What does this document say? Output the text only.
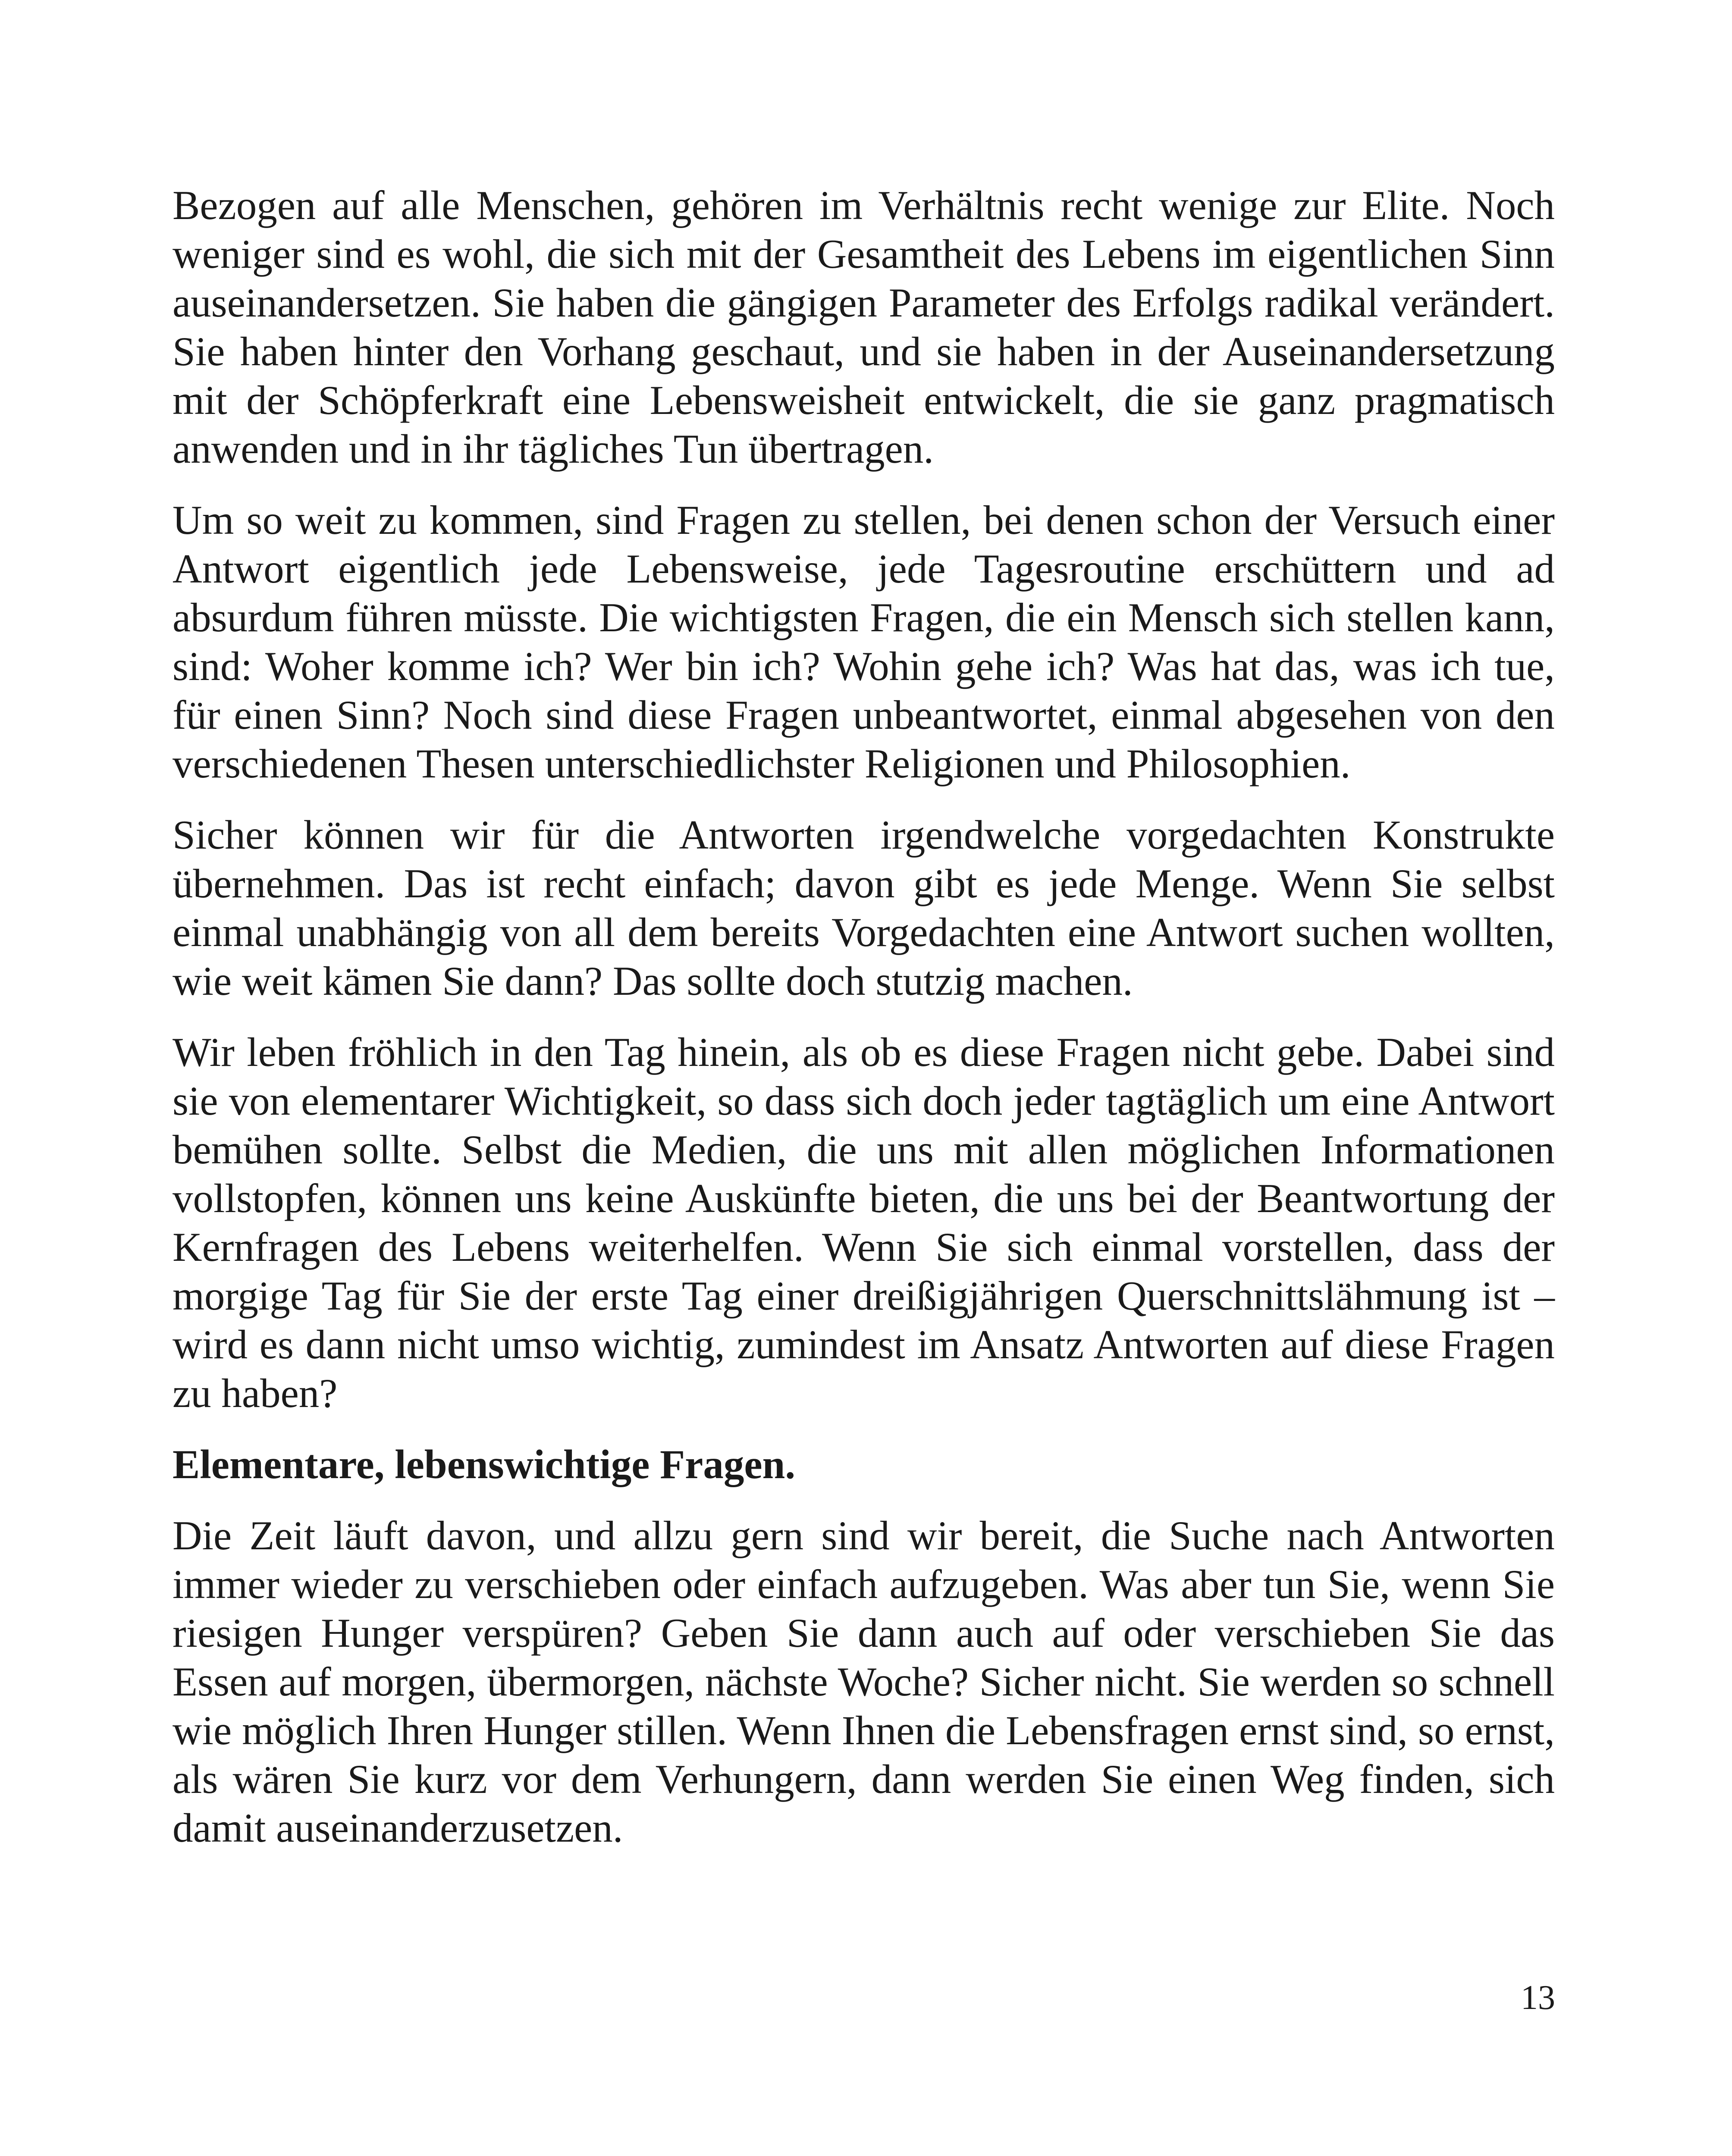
Bezogen auf alle Menschen, gehören im Verhältnis recht wenige zur Elite. Noch weniger sind es wohl, die sich mit der Gesamtheit des Lebens im eigentlichen Sinn auseinandersetzen. Sie haben die gängigen Parameter des Erfolgs radikal verändert. Sie haben hinter den Vorhang geschaut, und sie haben in der Auseinandersetzung mit der Schöpferkraft eine Lebensweisheit entwickelt, die sie ganz pragmatisch anwenden und in ihr tägliches Tun übertragen.

Um so weit zu kommen, sind Fragen zu stellen, bei denen schon der Versuch einer Antwort eigentlich jede Lebensweise, jede Tagesroutine erschüttern und ad absurdum führen müsste. Die wichtigsten Fragen, die ein Mensch sich stellen kann, sind: Woher komme ich? Wer bin ich? Wohin gehe ich? Was hat das, was ich tue, für einen Sinn? Noch sind diese Fragen unbeantwortet, einmal abgesehen von den verschiedenen Thesen unterschiedlichster Religionen und Philosophien.

Sicher können wir für die Antworten irgendwelche vorgedachten Konstrukte übernehmen. Das ist recht einfach; davon gibt es jede Menge. Wenn Sie selbst einmal unabhängig von all dem bereits Vorgedachten eine Antwort suchen wollten, wie weit kämen Sie dann? Das sollte doch stutzig machen.

Wir leben fröhlich in den Tag hinein, als ob es diese Fragen nicht gebe. Dabei sind sie von elementarer Wichtigkeit, so dass sich doch jeder tagtäglich um eine Antwort bemühen sollte. Selbst die Medien, die uns mit allen möglichen Informationen vollstopfen, können uns keine Auskünfte bieten, die uns bei der Beantwortung der Kernfragen des Lebens weiterhelfen. Wenn Sie sich einmal vorstellen, dass der morgige Tag für Sie der erste Tag einer dreißigjährigen Querschnittslähmung ist – wird es dann nicht umso wichtig, zumindest im Ansatz Antworten auf diese Fragen zu haben?

Elementare, lebenswichtige Fragen.

Die Zeit läuft davon, und allzu gern sind wir bereit, die Suche nach Antworten immer wieder zu verschieben oder einfach aufzugeben. Was aber tun Sie, wenn Sie riesigen Hunger verspüren? Geben Sie dann auch auf oder verschieben Sie das Essen auf morgen, übermorgen, nächste Woche? Sicher nicht. Sie werden so schnell wie möglich Ihren Hunger stillen. Wenn Ihnen die Lebensfragen ernst sind, so ernst, als wären Sie kurz vor dem Verhungern, dann werden Sie einen Weg finden, sich damit auseinanderzusetzen.

13
